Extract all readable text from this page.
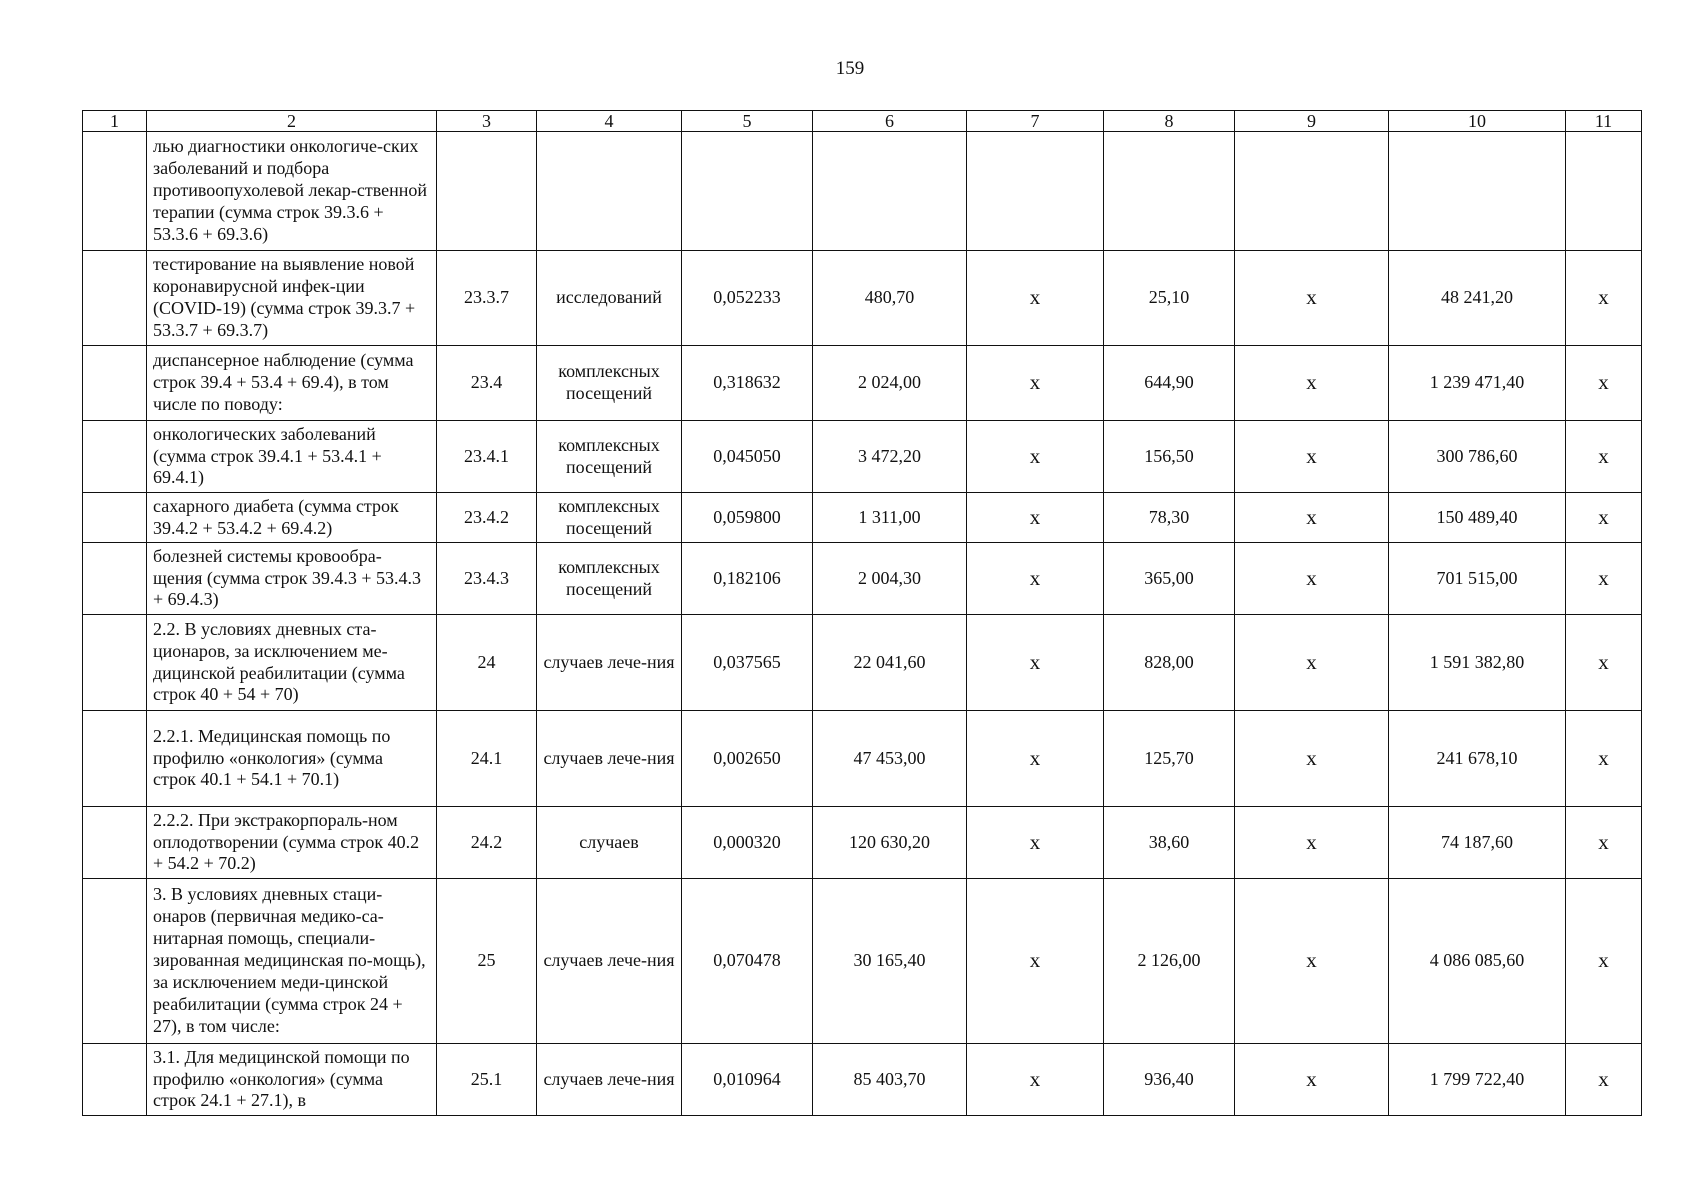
159
1	2	3	4	5	6	7	8	9	10	11
	лью диагностики онкологиче-ских заболеваний и подбора противоопухолевой лекар-ственной терапии (сумма строк 39.3.6 + 53.3.6 + 69.3.6)									
	тестирование на выявление новой коронавирусной инфек-ции (COVID-19) (сумма строк 39.3.7 + 53.3.7 + 69.3.7)	23.3.7	исследований	0,052233	480,70	х	25,10	х	48 241,20	х
	диспансерное наблюдение (сумма строк 39.4 + 53.4 + 69.4), в том числе по поводу:	23.4	комплексных посещений	0,318632	2 024,00	х	644,90	х	1 239 471,40	х
	онкологических заболеваний (сумма строк 39.4.1 + 53.4.1 + 69.4.1)	23.4.1	комплексных посещений	0,045050	3 472,20	х	156,50	х	300 786,60	х
	сахарного диабета (сумма строк 39.4.2 + 53.4.2 + 69.4.2)	23.4.2	комплексных посещений	0,059800	1 311,00	х	78,30	х	150 489,40	х
	болезней системы кровообра-щения (сумма строк 39.4.3 + 53.4.3 + 69.4.3)	23.4.3	комплексных посещений	0,182106	2 004,30	х	365,00	х	701 515,00	х
	2.2. В условиях дневных ста-ционаров, за исключением ме-дицинской реабилитации (сумма строк 40 + 54 + 70)	24	случаев лече-ния	0,037565	22 041,60	х	828,00	х	1 591 382,80	х
	2.2.1. Медицинская помощь по профилю «онкология» (сумма строк 40.1 + 54.1 + 70.1)	24.1	случаев лече-ния	0,002650	47 453,00	х	125,70	х	241 678,10	х
	2.2.2. При экстракорпораль-ном оплодотворении (сумма строк 40.2 + 54.2 + 70.2)	24.2	случаев	0,000320	120 630,20	х	38,60	х	74 187,60	х
	3. В условиях дневных стаци-онаров (первичная медико-са-нитарная помощь, специали-зированная медицинская по-мощь), за исключением меди-цинской реабилитации (сумма строк 24 + 27), в том числе:	25	случаев лече-ния	0,070478	30 165,40	х	2 126,00	х	4 086 085,60	х
	3.1. Для медицинской помощи по профилю «онкология» (сумма строк 24.1 + 27.1), в	25.1	случаев лече-ния	0,010964	85 403,70	х	936,40	х	1 799 722,40	х
